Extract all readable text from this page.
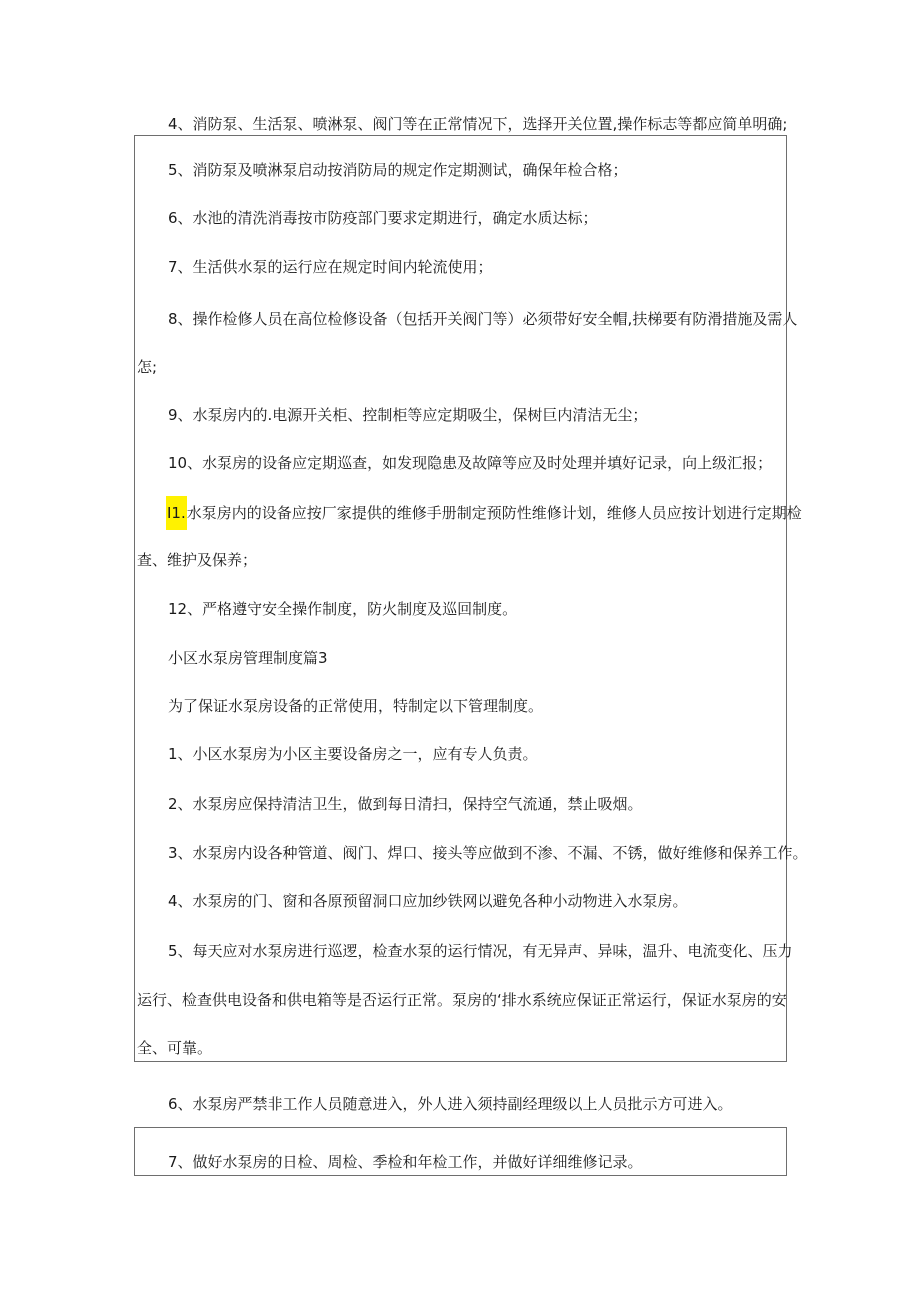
4、消防泵、生活泵、喷淋泵、阀门等在正常情况下，选择开关位置,操作标志等都应简单明确;
5、消防泵及喷淋泵启动按消防局的规定作定期测试，确保年检合格；
6、水池的清洗消毒按市防疫部门要求定期进行，确定水质达标；
7、生活供水泵的运行应在规定时间内轮流使用；
8、操作检修人员在高位检修设备（包括开关阀门等）必须带好安全帽,扶梯要有防滑措施及需人
怎;
9、水泵房内的.电源开关柜、控制柜等应定期吸尘，保树巨内清洁无尘；
10、水泵房的设备应定期巡查，如发现隐患及故障等应及时处理并填好记录，向上级汇报；
I1.水泵房内的设备应按厂家提供的维修手册制定预防性维修计划，维修人员应按计划进行定期检
查、维护及保养；
12、严格遵守安全操作制度，防火制度及巡回制度。
小区水泵房管理制度篇3
为了保证水泵房设备的正常使用，特制定以下管理制度。
1、小区水泵房为小区主要设备房之一，应有专人负责。
2、水泵房应保持清洁卫生，做到每日清扫，保持空气流通，禁止吸烟。
3、水泵房内设各种管道、阀门、焊口、接头等应做到不渗、不漏、不锈，做好维修和保养工作。
4、水泵房的门、窗和各原预留洞口应加纱铁网以避免各种小动物进入水泵房。
5、每天应对水泵房进行巡逻，检查水泵的运行情况，有无异声、异味，温升、电流变化、压力
运行、检查供电设备和供电箱等是否运行正常。泵房的‘排水系统应保证正常运行，保证水泵房的安
全、可靠。
6、水泵房严禁非工作人员随意进入，外人进入须持副经理级以上人员批示方可进入。
7、做好水泵房的日检、周检、季检和年检工作，并做好详细维修记录。
